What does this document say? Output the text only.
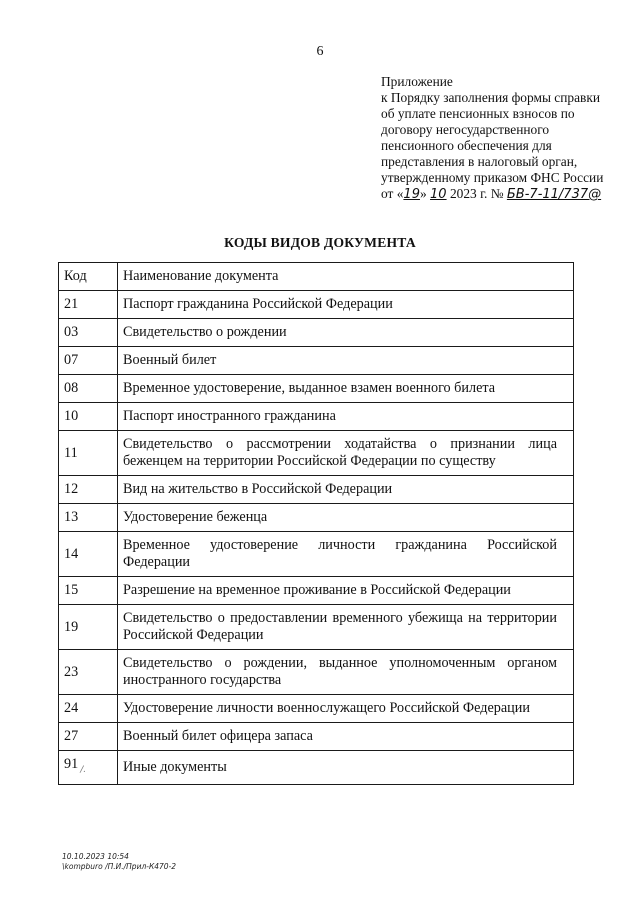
6
Приложение
к Порядку заполнения формы справки
об уплате пенсионных взносов по
договору негосударственного
пенсионного обеспечения для
представления в налоговый орган,
утвержденному приказом ФНС России
от «19» 10 2023 г. № БВ-7-11/737@
КОДЫ ВИДОВ ДОКУМЕНТА
Код	Наименование документа
21	Паспорт гражданина Российской Федерации
03	Свидетельство о рождении
07	Военный билет
08	Временное удостоверение, выданное взамен военного билета
10	Паспорт иностранного гражданина
11	Свидетельство о рассмотрении ходатайства о признании лица беженцем на территории Российской Федерации по существу
12	Вид на жительство в Российской Федерации
13	Удостоверение беженца
14	Временное удостоверение личности гражданина Российской Федерации
15	Разрешение на временное проживание в Российской Федерации
19	Свидетельство о предоставлении временного убежища на территории Российской Федерации
23	Свидетельство о рождении, выданное уполномоченным органом иностранного государства
24	Удостоверение личности военнослужащего Российской Федерации
27	Военный билет офицера запаса
91 $_{/.}$	Иные документы
10.10.2023 10:54
\kompburo /П.И./Прил-К470-2
